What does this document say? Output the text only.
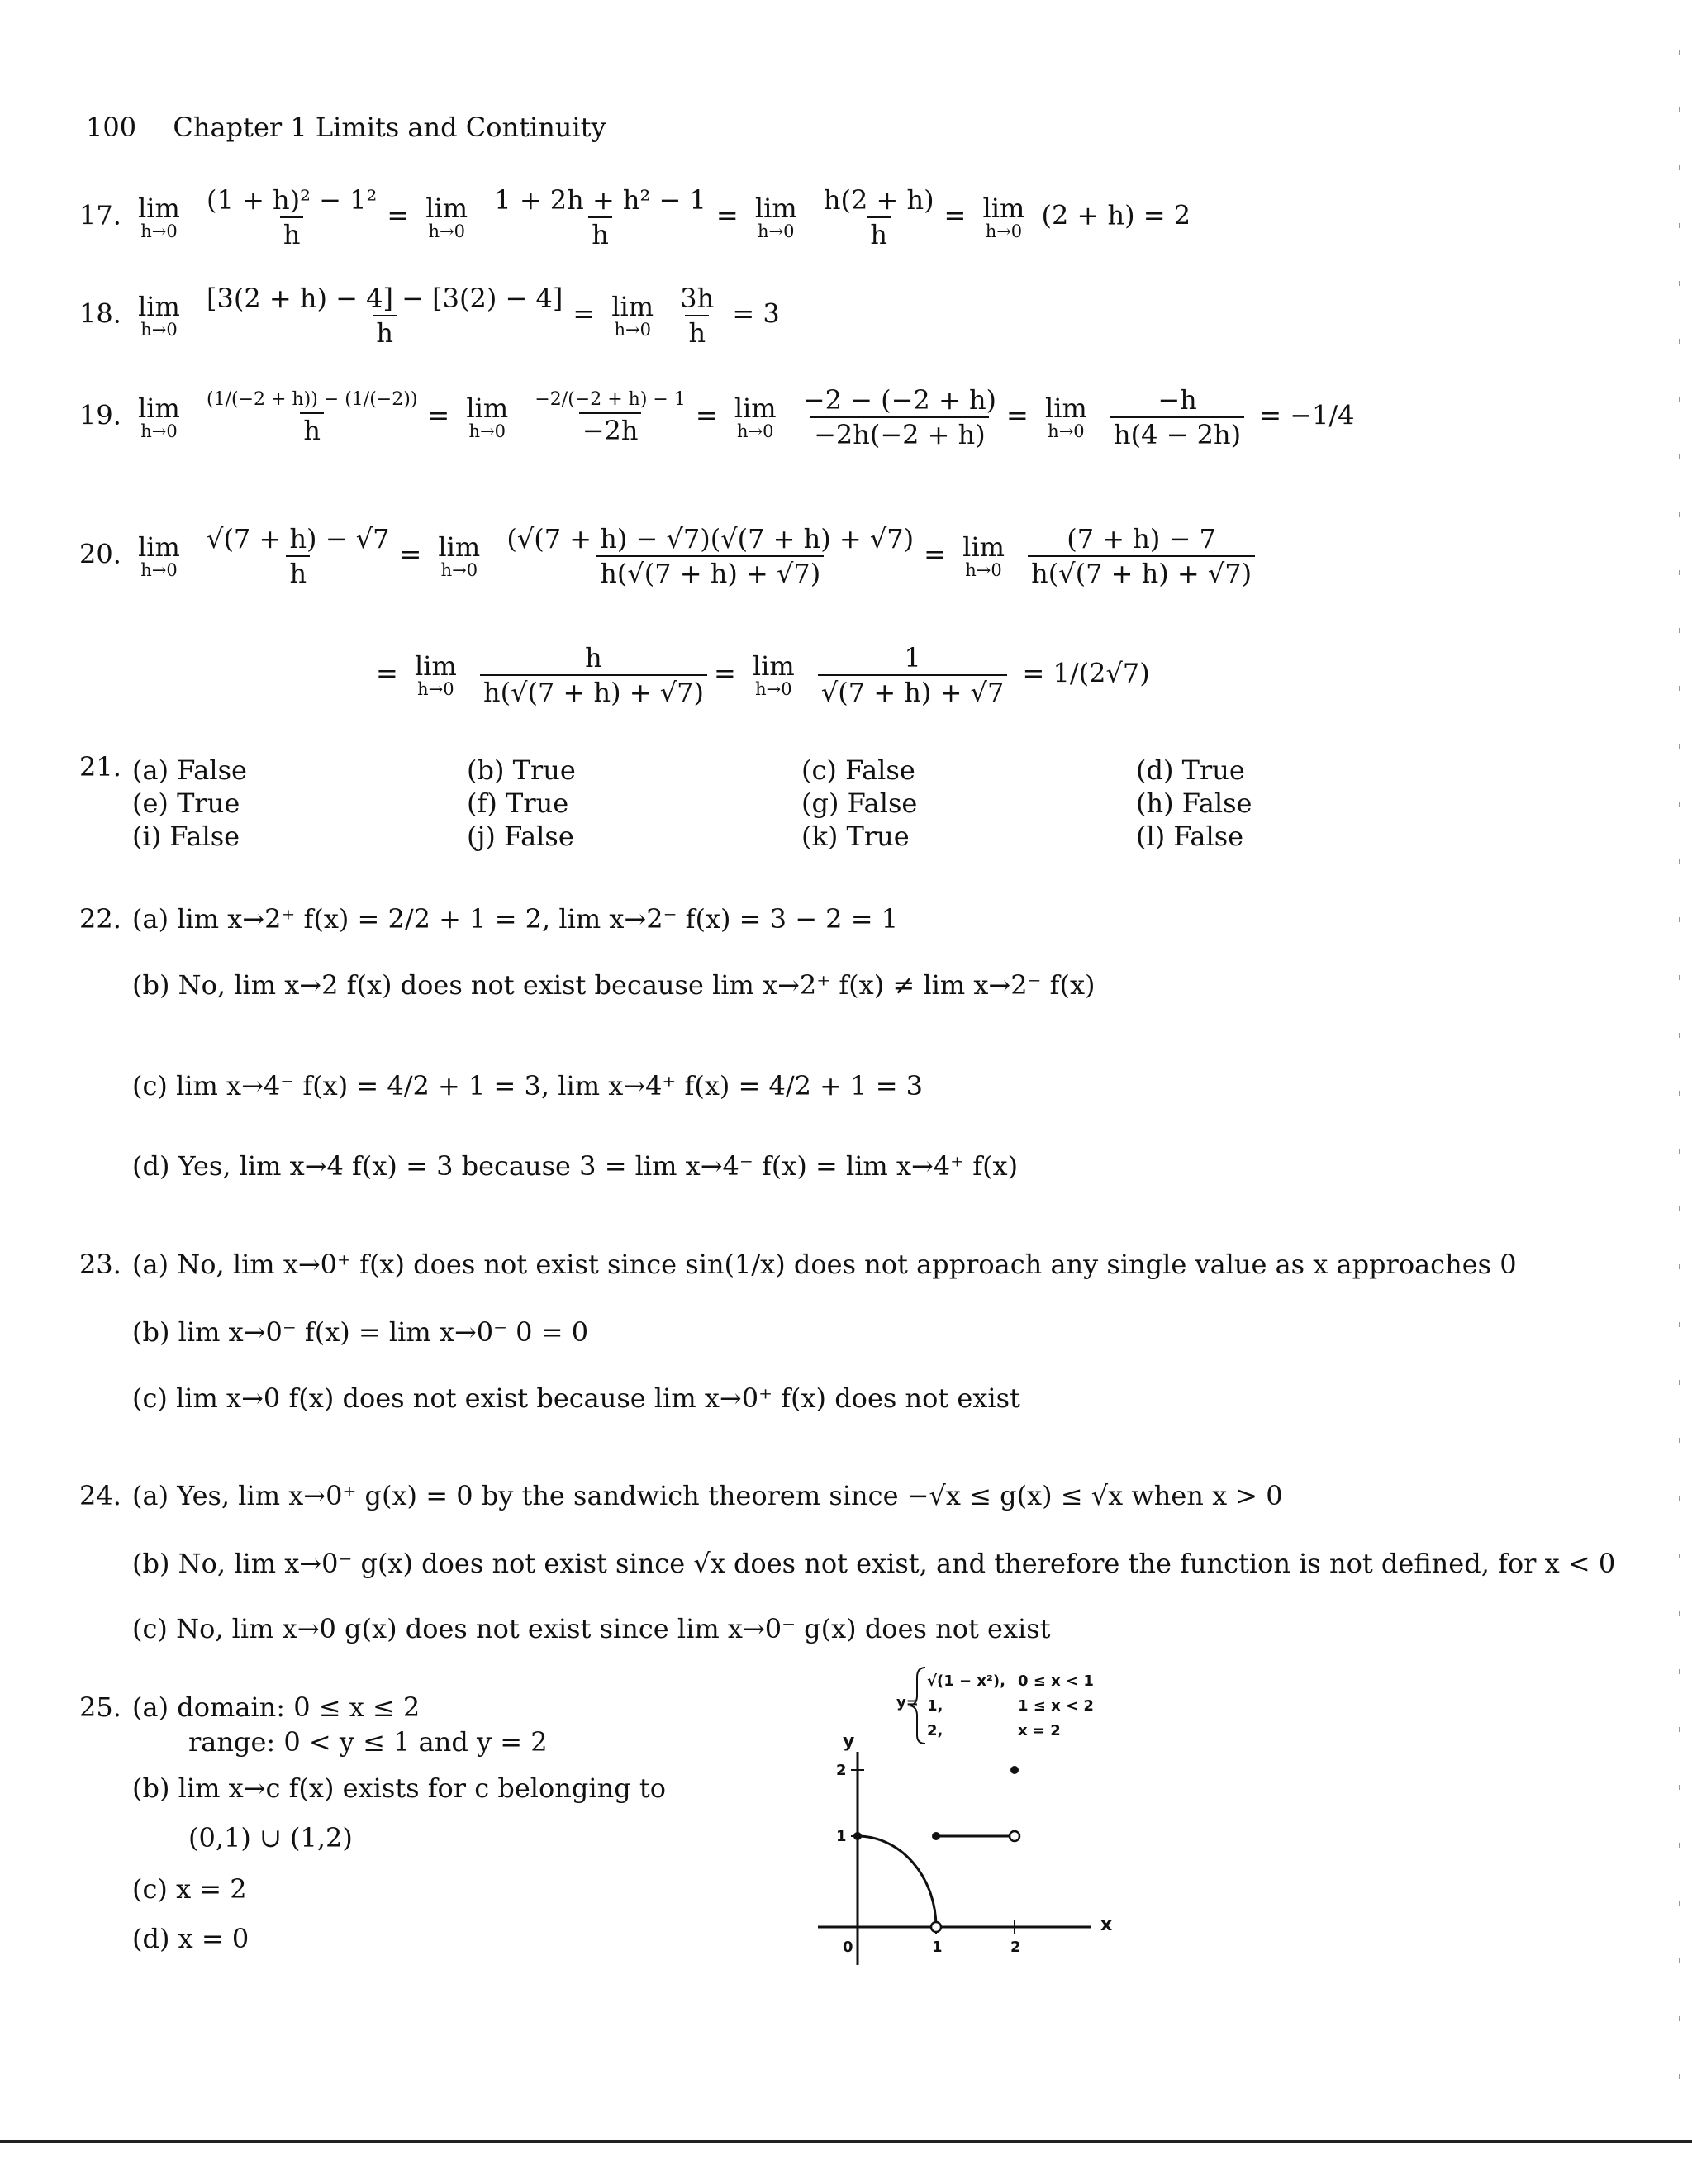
100 Chapter 1 Limits and Continuity
17. lim
h→0
$\frac{\text{(1 + h)² − 1²}}{h} = \lim$
h→0
$\frac{\text{1 + 2h + h² − 1}}{h} = \lim$
h→0
$\frac{h(2 + h)}{h} = \lim$
h→0 (2 + h) = 2
18. lim
h→0
$\frac{[3(2 + h) - 4] - [3(2) - 4]}{h} = \lim$
h→0
$\frac{3h}{h} = 3$
19. lim
h→0

(1/(−2 + h)) − (1/(−2))
h	= lim
h→0

−2/(−2 + h) − 1
−2h = lim
h→0
$\frac{-2 - (-2 + h)}{-2h(-2 + h)} = \lim$
h→0
$\frac{-h}{h(4 - 2h)} = -1/4$
20. lim
h→0
$\frac{√(7 + h) - √7}{h} = \lim$
h→0
$\frac{(√(7 + h) - √7)(√(7 + h) + √7)}{h(√(7 + h) + √7)} = \lim$
h→0
$\frac{(7 + h) - 7}{h(√(7 + h) + √7)}$
= lim
h→0
$\frac{h}{h(√(7 + h) + √7)} = \lim$
h→0
$\frac{1}{√(7 + h) + √7} = 1/(2√7)$
21. (a) False	(b) True	(c) False	(d) True
(e) True	(f) True	(g) False	(h) False
(i) False	(j) False	(k) True	(l) False
22. (a) lim x→2⁺ f(x) = 2/2 + 1 = 2, lim x→2⁻ f(x) = 3 − 2 = 1
(b) No, lim x→2 f(x) does not exist because lim x→2⁺ f(x) ≠ lim x→2⁻ f(x)
(c) lim x→4⁻ f(x) = 4/2 + 1 = 3, lim x→4⁺ f(x) = 4/2 + 1 = 3
(d) Yes, lim x→4 f(x) = 3 because 3 = lim x→4⁻ f(x) = lim x→4⁺ f(x)
23. (a) No, lim x→0⁺ f(x) does not exist since sin(1/x) does not approach any single value as x approaches 0
(b) lim x→0⁻ f(x) = lim x→0⁻ 0 = 0
(c) lim x→0 f(x) does not exist because lim x→0⁺ f(x) does not exist
24. (a) Yes, lim x→0⁺ g(x) = 0 by the sandwich theorem since −√x ≤ g(x) ≤ √x when x > 0
(b) No, lim x→0⁻ g(x) does not exist since √x does not exist, and therefore the function is not defined, for x < 0
(c) No, lim x→0 g(x) does not exist since lim x→0⁻ g(x) does not exist
25. (a) domain: 0 ≤ x ≤ 2
range: 0 < y ≤ 1 and y = 2
(b) lim x→c f(x) exists for c belonging to
(0,1) ∪ (1,2)
(c) x = 2
(d) x = 0
y=
√(1 − x²), 0 ≤ x < 1
1,	1 ≤ x < 2
2,	x = 2
y
x
1
2
0	1	2
